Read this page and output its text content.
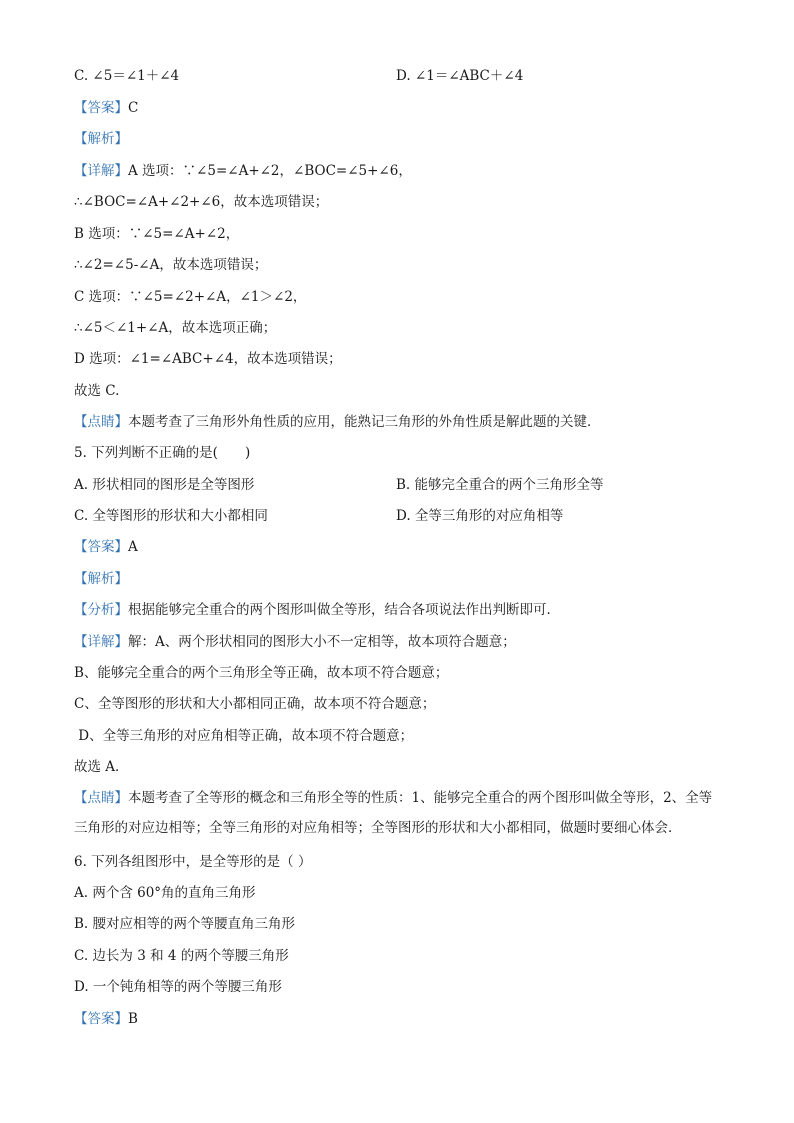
C. ∠5＝∠1＋∠4	D. ∠1＝∠ABC＋∠4
【答案】C
【解析】
【详解】A 选项：∵∠5=∠A+∠2，∠BOC=∠5+∠6，
∴∠BOC=∠A+∠2+∠6，故本选项错误；
B 选项：∵∠5=∠A+∠2，
∴∠2=∠5-∠A，故本选项错误；
C 选项：∵∠5=∠2+∠A，∠1＞∠2，
∴∠5＜∠1+∠A，故本选项正确；
D 选项：∠1=∠ABC+∠4，故本选项错误；
故选 C.
【点睛】本题考查了三角形外角性质的应用，能熟记三角形的外角性质是解此题的关键．
5. 下列判断不正确的是(　　)
A. 形状相同的图形是全等图形	B. 能够完全重合的两个三角形全等
C. 全等图形的形状和大小都相同	D. 全等三角形的对应角相等
【答案】A
【解析】
【分析】根据能够完全重合的两个图形叫做全等形，结合各项说法作出判断即可．
【详解】解：A、两个形状相同的图形大小不一定相等，故本项符合题意；
B、能够完全重合的两个三角形全等正确，故本项不符合题意；
C、全等图形的形状和大小都相同正确，故本项不符合题意；
D、全等三角形的对应角相等正确，故本项不符合题意；
故选 A．
【点睛】本题考查了全等形的概念和三角形全等的性质：1、能够完全重合的两个图形叫做全等形，2、全等三角形的对应边相等；全等三角形的对应角相等；全等图形的形状和大小都相同，做题时要细心体会．
6. 下列各组图形中，是全等形的是（ ）
A. 两个含 60°角的直角三角形
B. 腰对应相等的两个等腰直角三角形
C. 边长为 3 和 4 的两个等腰三角形
D. 一个钝角相等的两个等腰三角形
【答案】B
